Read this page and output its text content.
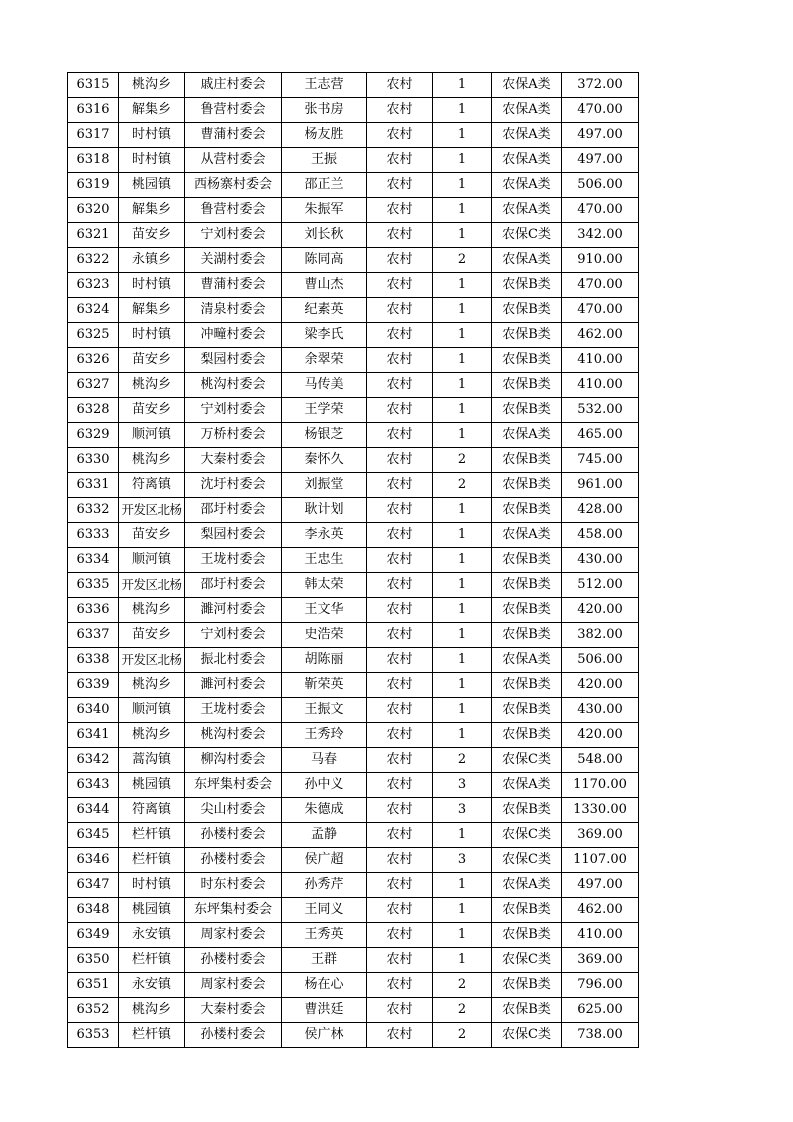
6315	桃沟乡	戚庄村委会	王志营	农村	1	农保A类	372.00
6316	解集乡	鲁营村委会	张书房	农村	1	农保A类	470.00
6317	时村镇	曹蒲村委会	杨友胜	农村	1	农保A类	497.00
6318	时村镇	从营村委会	王振	农村	1	农保A类	497.00
6319	桃园镇	西杨寨村委会	邵正兰	农村	1	农保A类	506.00
6320	解集乡	鲁营村委会	朱振军	农村	1	农保A类	470.00
6321	苗安乡	宁刘村委会	刘长秋	农村	1	农保C类	342.00
6322	永镇乡	关湖村委会	陈同高	农村	2	农保A类	910.00
6323	时村镇	曹蒲村委会	曹山杰	农村	1	农保B类	470.00
6324	解集乡	清泉村委会	纪素英	农村	1	农保B类	470.00
6325	时村镇	冲疃村委会	梁李氏	农村	1	农保B类	462.00
6326	苗安乡	梨园村委会	余翠荣	农村	1	农保B类	410.00
6327	桃沟乡	桃沟村委会	马传美	农村	1	农保B类	410.00
6328	苗安乡	宁刘村委会	王学荣	农村	1	农保B类	532.00
6329	顺河镇	万桥村委会	杨银芝	农村	1	农保A类	465.00
6330	桃沟乡	大秦村委会	秦怀久	农村	2	农保B类	745.00
6331	符离镇	沈圩村委会	刘振堂	农村	2	农保B类	961.00
6332	开发区北杨	邵圩村委会	耿计划	农村	1	农保B类	428.00
6333	苗安乡	梨园村委会	李永英	农村	1	农保A类	458.00
6334	顺河镇	王垅村委会	王忠生	农村	1	农保B类	430.00
6335	开发区北杨	邵圩村委会	韩太荣	农村	1	农保B类	512.00
6336	桃沟乡	濉河村委会	王文华	农村	1	农保B类	420.00
6337	苗安乡	宁刘村委会	史浩荣	农村	1	农保B类	382.00
6338	开发区北杨	振北村委会	胡陈丽	农村	1	农保A类	506.00
6339	桃沟乡	濉河村委会	靳荣英	农村	1	农保B类	420.00
6340	顺河镇	王垅村委会	王振文	农村	1	农保B类	430.00
6341	桃沟乡	桃沟村委会	王秀玲	农村	1	农保B类	420.00
6342	蒿沟镇	柳沟村委会	马春	农村	2	农保C类	548.00
6343	桃园镇	东坪集村委会	孙中义	农村	3	农保A类	1170.00
6344	符离镇	尖山村委会	朱德成	农村	3	农保B类	1330.00
6345	栏杆镇	孙楼村委会	孟静	农村	1	农保C类	369.00
6346	栏杆镇	孙楼村委会	侯广超	农村	3	农保C类	1107.00
6347	时村镇	时东村委会	孙秀芹	农村	1	农保A类	497.00
6348	桃园镇	东坪集村委会	王同义	农村	1	农保B类	462.00
6349	永安镇	周家村委会	王秀英	农村	1	农保B类	410.00
6350	栏杆镇	孙楼村委会	王群	农村	1	农保C类	369.00
6351	永安镇	周家村委会	杨在心	农村	2	农保B类	796.00
6352	桃沟乡	大秦村委会	曹洪廷	农村	2	农保B类	625.00
6353	栏杆镇	孙楼村委会	侯广林	农村	2	农保C类	738.00
